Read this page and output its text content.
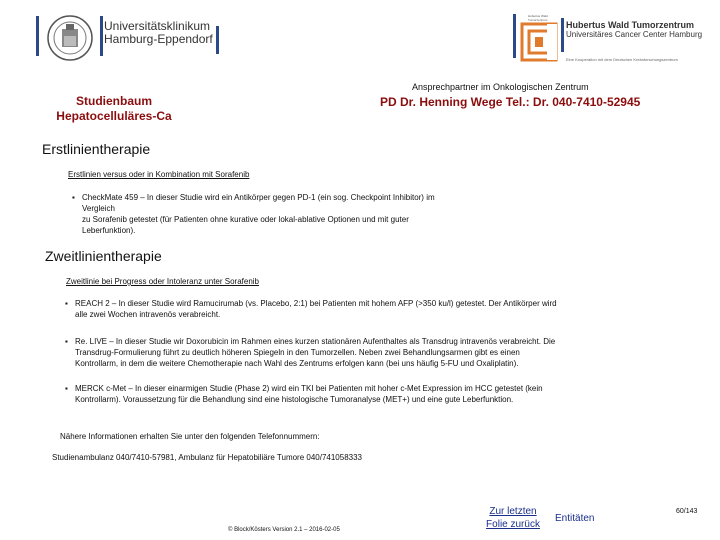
Universitätsklinikum
Hamburg-Eppendorf
Hubertus Wald Tumorzentrum	Hubertus Wald Tumorzentrum
Universitäres Cancer Center Hamburg
Eine Kooperation mit dem Deutschen Krebsforschungszentrum
Studienbaum
Hepatocelluläres-Ca
Ansprechpartner im Onkologischen Zentrum
PD Dr. Henning Wege Tel.: Dr. 040-7410-52945
Erstlinientherapie
Erstlinien versus oder in Kombination mit Sorafenib
▪ CheckMate 459 – In dieser Studie wird ein Antikörper gegen PD-1 (ein sog. Checkpoint Inhibitor) im
Vergleich
zu Sorafenib getestet (für Patienten ohne kurative oder lokal-ablative Optionen und mit guter
Leberfunktion).
Zweitlinientherapie
Zweitlinie bei Progress oder Intoleranz unter Sorafenib
▪ REACH 2 – In dieser Studie wird Ramucirumab (vs. Placebo, 2:1) bei Patienten mit hohem AFP (>350 ku/l) getestet. Der Antikörper wird
alle zwei Wochen intravenös verabreicht.
▪ Re. LIVE – In dieser Studie wir Doxorubicin im Rahmen eines kurzen stationären Aufenthaltes als Transdrug intravenös verabreicht. Die
Transdrug-Formulierung führt zu deutlich höheren Spiegeln in den Tumorzellen. Neben zwei Behandlungsarmen gibt es einen
Kontrollarm, in dem die weitere Chemotherapie nach Wahl des Zentrums erfolgen kann (bei uns häufig 5-FU und Oxaliplatin).
▪ MERCK c-Met – In dieser einarmigen Studie (Phase 2) wird ein TKI bei Patienten mit hoher c-Met Expression im HCC getestet (kein
Kontrollarm). Voraussetzung für die Behandlung sind eine histologische Tumoranalyse (MET+) und eine gute Leberfunktion.
Nähere Informationen erhalten Sie unter den folgenden Telefonnummern:
Studienambulanz 040/7410-57981, Ambulanz für Hepatobiliäre Tumore 040/741058333
Zur letzten
Folie zurück
Entitäten
60/143
© Block/Kösters Version 2.1 – 2016-02-05
